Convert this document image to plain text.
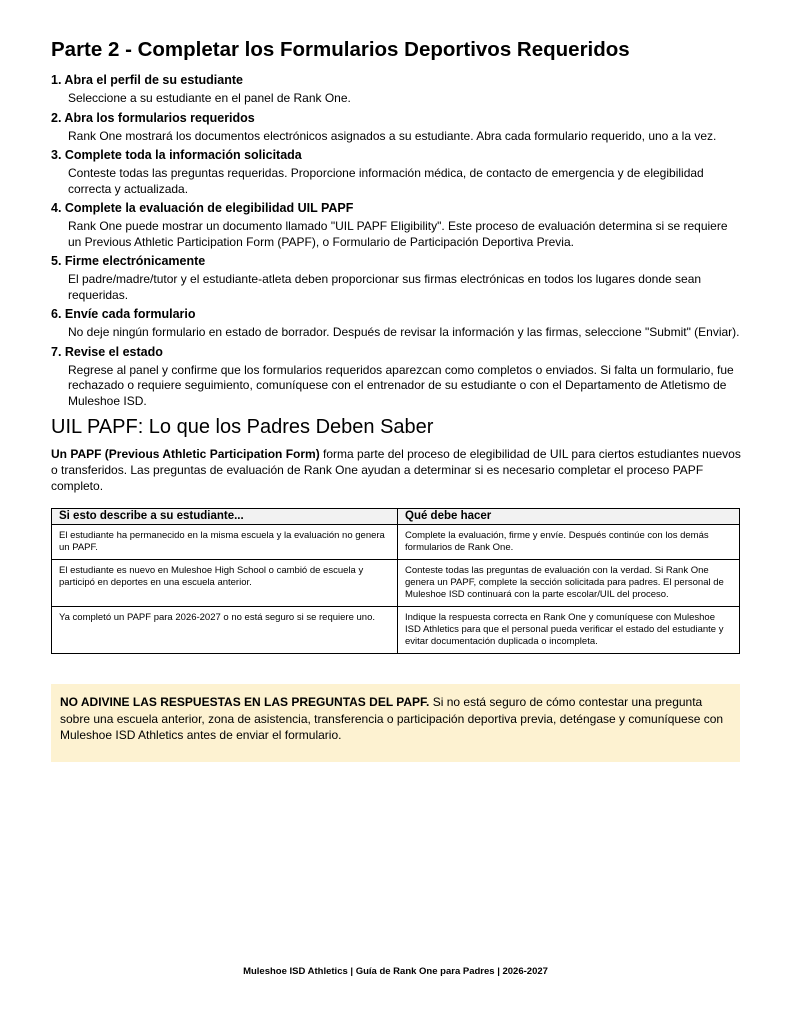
Parte 2 - Completar los Formularios Deportivos Requeridos
1. Abra el perfil de su estudiante
Seleccione a su estudiante en el panel de Rank One.
2. Abra los formularios requeridos
Rank One mostrará los documentos electrónicos asignados a su estudiante. Abra cada formulario requerido, uno a la vez.
3. Complete toda la información solicitada
Conteste todas las preguntas requeridas. Proporcione información médica, de contacto de emergencia y de elegibilidad correcta y actualizada.
4. Complete la evaluación de elegibilidad UIL PAPF
Rank One puede mostrar un documento llamado "UIL PAPF Eligibility". Este proceso de evaluación determina si se requiere un Previous Athletic Participation Form (PAPF), o Formulario de Participación Deportiva Previa.
5. Firme electrónicamente
El padre/madre/tutor y el estudiante-atleta deben proporcionar sus firmas electrónicas en todos los lugares donde sean requeridas.
6. Envíe cada formulario
No deje ningún formulario en estado de borrador. Después de revisar la información y las firmas, seleccione "Submit" (Enviar).
7. Revise el estado
Regrese al panel y confirme que los formularios requeridos aparezcan como completos o enviados. Si falta un formulario, fue rechazado o requiere seguimiento, comuníquese con el entrenador de su estudiante o con el Departamento de Atletismo de Muleshoe ISD.
UIL PAPF: Lo que los Padres Deben Saber

Un PAPF (Previous Athletic Participation Form) forma parte del proceso de elegibilidad de UIL para ciertos estudiantes nuevos o transferidos. Las preguntas de evaluación de Rank One ayudan a determinar si es necesario completar el proceso PAPF completo.

Si esto describe a su estudiante...	Qué debe hacer
El estudiante ha permanecido en la misma escuela y la evaluación no genera un PAPF.	Complete la evaluación, firme y envíe. Después continúe con los demás formularios de Rank One.
El estudiante es nuevo en Muleshoe High School o cambió de escuela y participó en deportes en una escuela anterior.	Conteste todas las preguntas de evaluación con la verdad. Si Rank One genera un PAPF, complete la sección solicitada para padres. El personal de Muleshoe ISD continuará con la parte escolar/UIL del proceso.
Ya completó un PAPF para 2026-2027 o no está seguro si se requiere uno.	Indique la respuesta correcta en Rank One y comuníquese con Muleshoe ISD Athletics para que el personal pueda verificar el estado del estudiante y evitar documentación duplicada o incompleta.
NO ADIVINE LAS RESPUESTAS EN LAS PREGUNTAS DEL PAPF. Si no está seguro de cómo contestar una pregunta sobre una escuela anterior, zona de asistencia, transferencia o participación deportiva previa, deténgase y comuníquese con Muleshoe ISD Athletics antes de enviar el formulario.
Muleshoe ISD Athletics | Guía de Rank One para Padres | 2026-2027
